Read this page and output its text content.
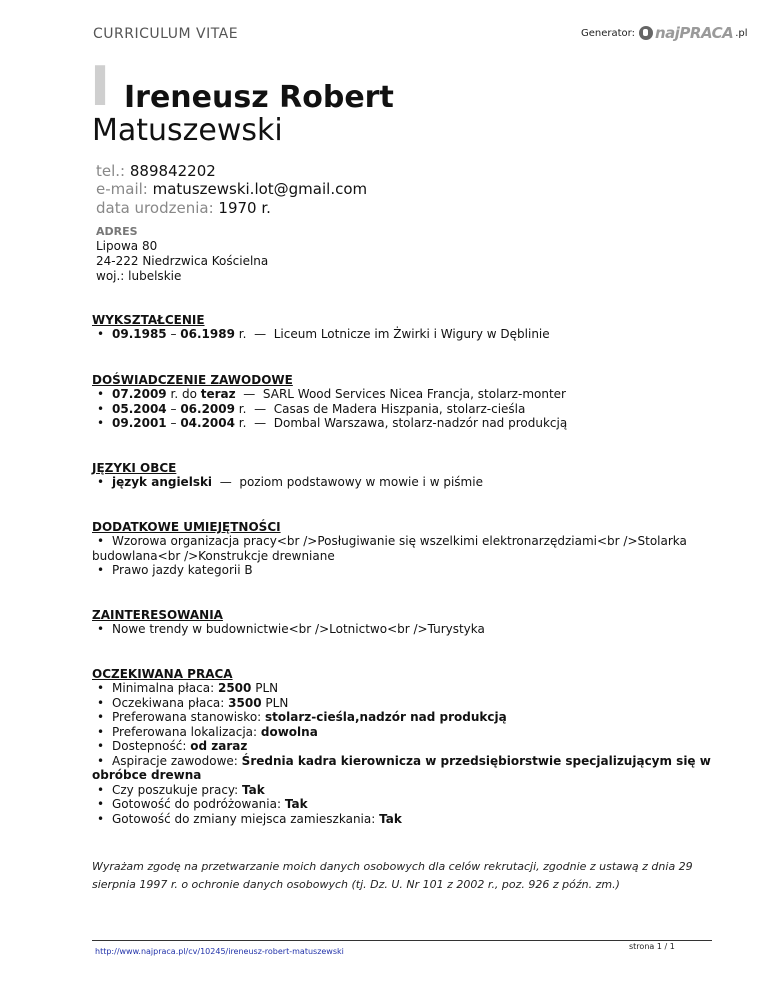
CURRICULUM VITAE	Generator: najPRACA .pl
I Ireneusz Robert
Matuszewski
tel.: 889842202
e-mail: matuszewski.lot@gmail.com
data urodzenia: 1970 r.
ADRES
Lipowa 80
24-222 Niedrzwica Kościelna
woj.: lubelskie
WYKSZTAŁCENIE
• 09.1985 – 06.1989 r. — Liceum Lotnicze im Żwirki i Wigury w Dęblinie
DOŚWIADCZENIE ZAWODOWE
• 07.2009 r. do teraz — SARL Wood Services Nicea Francja, stolarz-monter
• 05.2004 – 06.2009 r. — Casas de Madera Hiszpania, stolarz-cieśla
• 09.2001 – 04.2004 r. — Dombal Warszawa, stolarz-nadzór nad produkcją
JĘZYKI OBCE
• język angielski — poziom podstawowy w mowie i w piśmie
DODATKOWE UMIEJĘTNOŚCI
• Wzorowa organizacja pracy<br />Posługiwanie się wszelkimi elektronarzędziami<br />Stolarka budowlana<br />Konstrukcje drewniane
• Prawo jazdy kategorii B
ZAINTERESOWANIA
• Nowe trendy w budownictwie<br />Lotnictwo<br />Turystyka
OCZEKIWANA PRACA
• Minimalna płaca: 2500 PLN
• Oczekiwana płaca: 3500 PLN
• Preferowana stanowisko: stolarz-cieśla,nadzór nad produkcją
• Preferowana lokalizacja: dowolna
• Dostepność: od zaraz
• Aspiracje zawodowe: Średnia kadra kierownicza w przedsiębiorstwie specjalizującym się w obróbce drewna
• Czy poszukuje pracy: Tak
• Gotowość do podróżowania: Tak
• Gotowość do zmiany miejsca zamieszkania: Tak
Wyrażam zgodę na przetwarzanie moich danych osobowych dla celów rekrutacji, zgodnie z ustawą z dnia 29 sierpnia 1997 r. o ochronie danych osobowych (tj. Dz. U. Nr 101 z 2002 r., poz. 926 z późn. zm.)
http://www.najpraca.pl/cv/10245/ireneusz-robert-matuszewski
strona 1 / 1
